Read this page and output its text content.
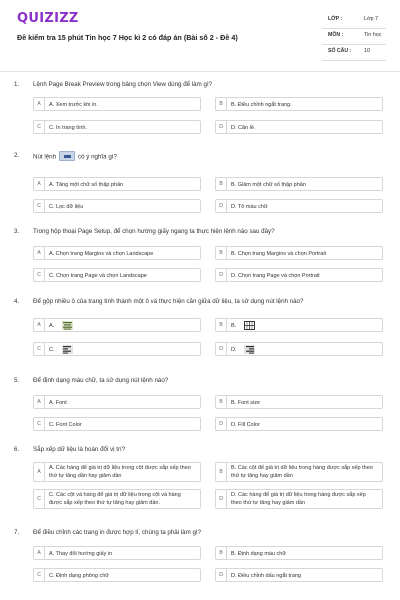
QUIZIZZ
Đề kiểm tra 15 phút Tin học 7 Học kì 2 có đáp án (Bài số 2 - Đề 4)
LỚP :	Lớp 7
MÔN :	Tin học
SỐ CÂU : 10
1. Lệnh Page Break Preview trong bảng chọn View dùng để làm gì?
A	A. Xem trước khi in.	B	B. Điều chỉnh ngắt trang.
C	C. In trang tính.	D	D. Căn lề.
2. Nút lệnh	có ý nghĩa gì?
A	A. Tăng một chữ số thập phân	B	B. Giảm một chữ số thập phân
C	C. Lọc dữ liệu	D	D. Tô màu chữ
3. Trong hộp thoại Page Setup, để chọn hướng giấy ngang ta thực hiện lệnh nào sau đây?
A	A. Chọn trang Margins và chọn Landscape	B	B. Chọn trang Margins và chọn Portrait
C	C. Chọn trang Page và chọn Landscape	D	D. Chọn trang Page và chọn Portrait
4. Để gộp nhiều ô của trang tính thành một ô và thực hiện căn giữa dữ liệu, ta sử dụng nút lệnh nào?
A	A.	B	B.
C	C.	D	D.
5. Để định dạng màu chữ, ta sử dụng nút lệnh nào?
A	A. Font	B	B. Font size
C	C. Font Color	D	D. Fill Color
6. Sắp xếp dữ liệu là hoán đổi vị trí?
A
A. Các hàng để giá trị dữ liệu trong cột được sắp xếp theo thứ tự tăng dần hay giảm dần
B
B. Các cột để giá trị dữ liệu trong hàng được sắp xếp theo thứ tự tăng hay giảm dần
C
C. Các cột và hàng để giá trị dữ liệu trong cột và hàng được sắp xếp theo thứ tự tăng hay giảm dần.
D
D. Các hàng để giá trị dữ liệu trong hàng được sắp xếp theo thứ tự tăng hay giảm dần
7. Để điều chỉnh các trang in được hợp lí, chúng ta phải làm gì?
A	A. Thay đổi hướng giấy in	B	B. Định dạng màu chữ
C	C. Định dạng phông chữ	D	D. Điều chỉnh dấu ngắt trang
